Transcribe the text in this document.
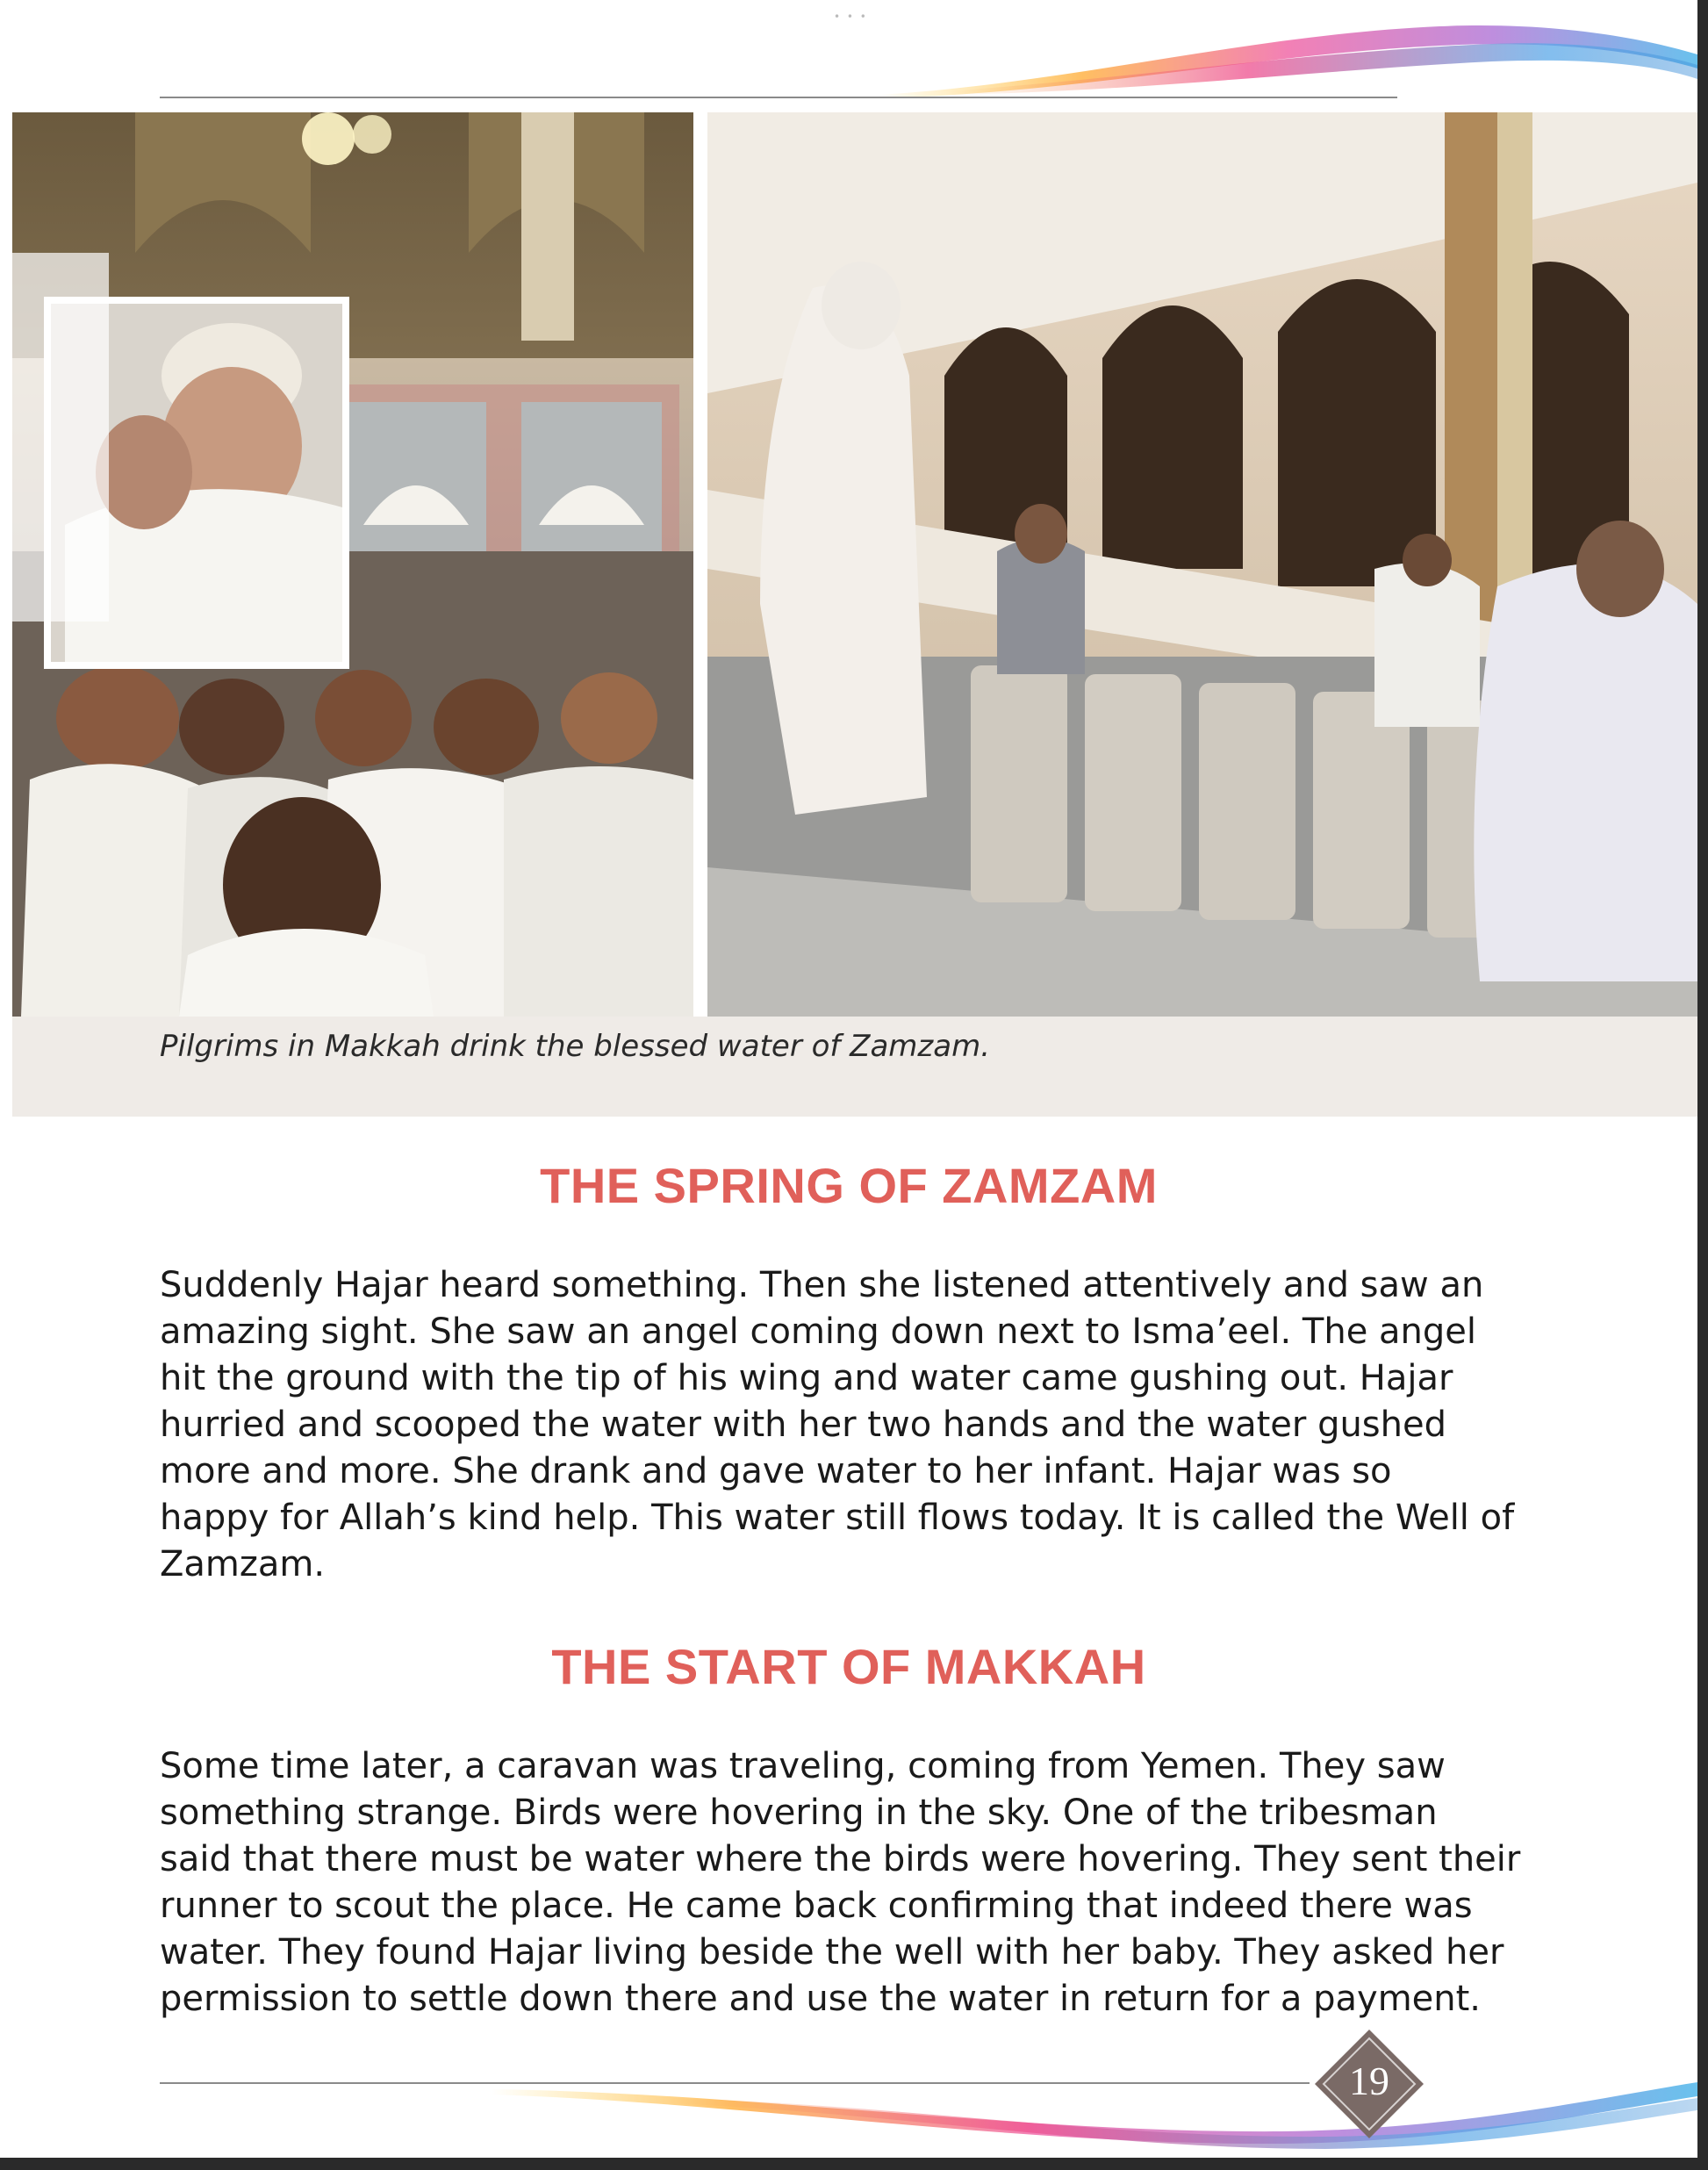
• • •
Pilgrims in Makkah drink the blessed water of Zamzam.
THE SPRING OF ZAMZAM
Suddenly Hajar heard something. Then she listened attentively and saw an
amazing sight. She saw an angel coming down next to Isma’eel. The angel
hit the ground with the tip of his wing and water came gushing out. Hajar
hurried and scooped the water with her two hands and the water gushed
more and more. She drank and gave water to her infant. Hajar was so
happy for Allah’s kind help. This water still flows today. It is called the Well of
Zamzam.
THE START OF MAKKAH
Some time later, a caravan was traveling, coming from Yemen. They saw
something strange. Birds were hovering in the sky. One of the tribesman
said that there must be water where the birds were hovering. They sent their
runner to scout the place. He came back confirming that indeed there was
water. They found Hajar living beside the well with her baby. They asked her
permission to settle down there and use the water in return for a payment.
19
